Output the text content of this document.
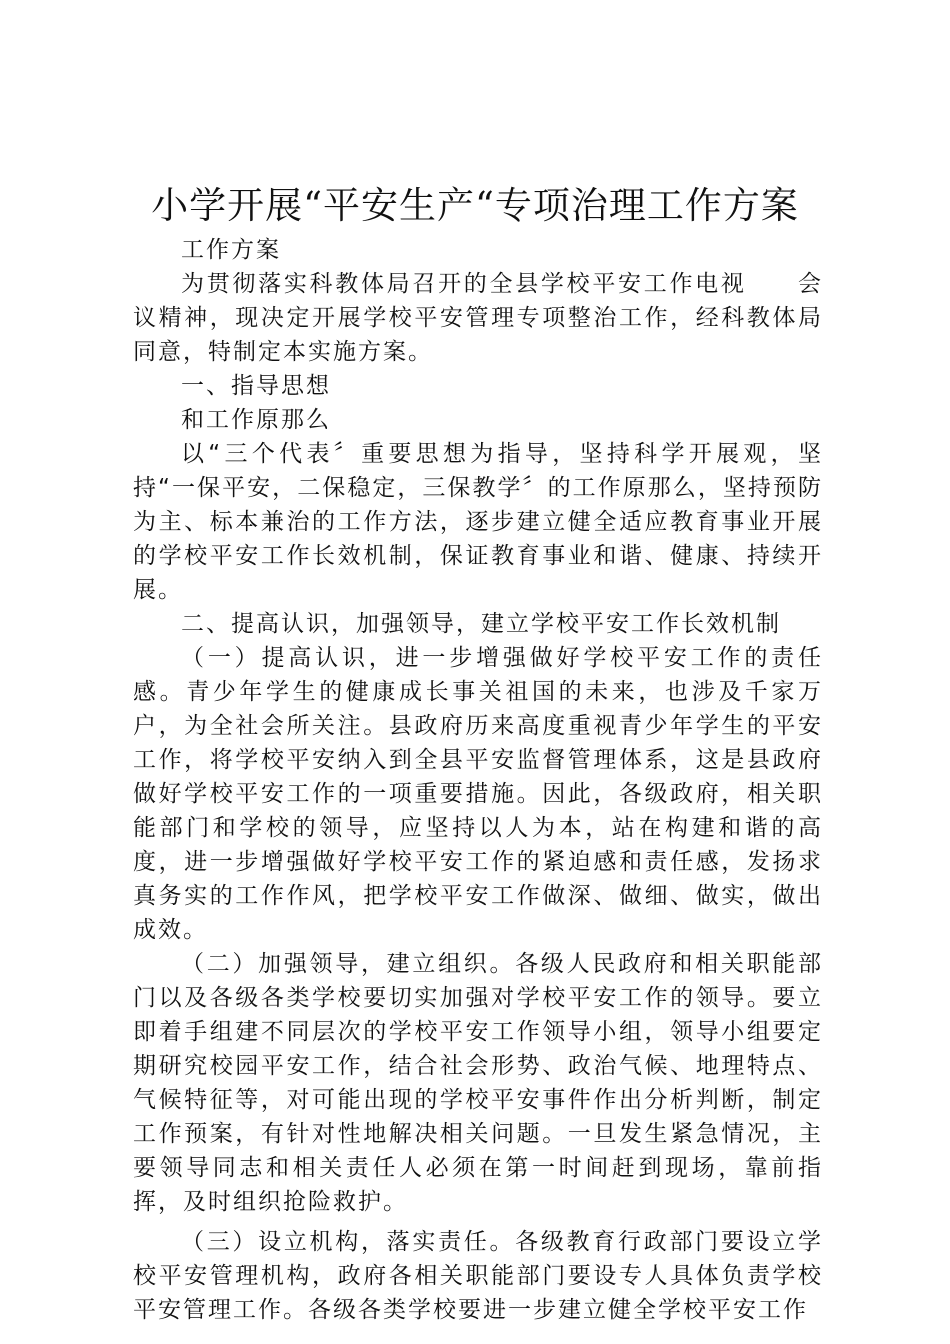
小学开展“平安生产“专项治理工作方案

工作方案

为贯彻落实科教体局召开的全县学校平安工作电视　　会议精神，现决定开展学校平安管理专项整治工作，经科教体局同意，特制定本实施方案。

一、指导思想

和工作原那么

以“三个代表〞重要思想为指导，坚持科学开展观，坚持“一保平安，二保稳定，三保教学〞的工作原那么，坚持预防为主、标本兼治的工作方法，逐步建立健全适应教育事业开展的学校平安工作长效机制，保证教育事业和谐、健康、持续开展。

二、提高认识，加强领导，建立学校平安工作长效机制

（一）提高认识，进一步增强做好学校平安工作的责任感。青少年学生的健康成长事关祖国的未来，也涉及千家万户，为全社会所关注。县政府历来高度重视青少年学生的平安工作，将学校平安纳入到全县平安监督管理体系，这是县政府做好学校平安工作的一项重要措施。因此，各级政府，相关职能部门和学校的领导，应坚持以人为本，站在构建和谐的高度，进一步增强做好学校平安工作的紧迫感和责任感，发扬求真务实的工作作风，把学校平安工作做深、做细、做实，做出成效。

（二）加强领导，建立组织。各级人民政府和相关职能部门以及各级各类学校要切实加强对学校平安工作的领导。要立即着手组建不同层次的学校平安工作领导小组，领导小组要定期研究校园平安工作，结合社会形势、政治气候、地理特点、气候特征等，对可能出现的学校平安事件作出分析判断，制定工作预案，有针对性地解决相关问题。一旦发生紧急情况，主要领导同志和相关责任人必须在第一时间赶到现场，靠前指挥，及时组织抢险救护。

（三）设立机构，落实责任。各级教育行政部门要设立学校平安管理机构，政府各相关职能部门要设专人具体负责学校平安管理工作。各级各类学校要进一步建立健全学校平安工作
